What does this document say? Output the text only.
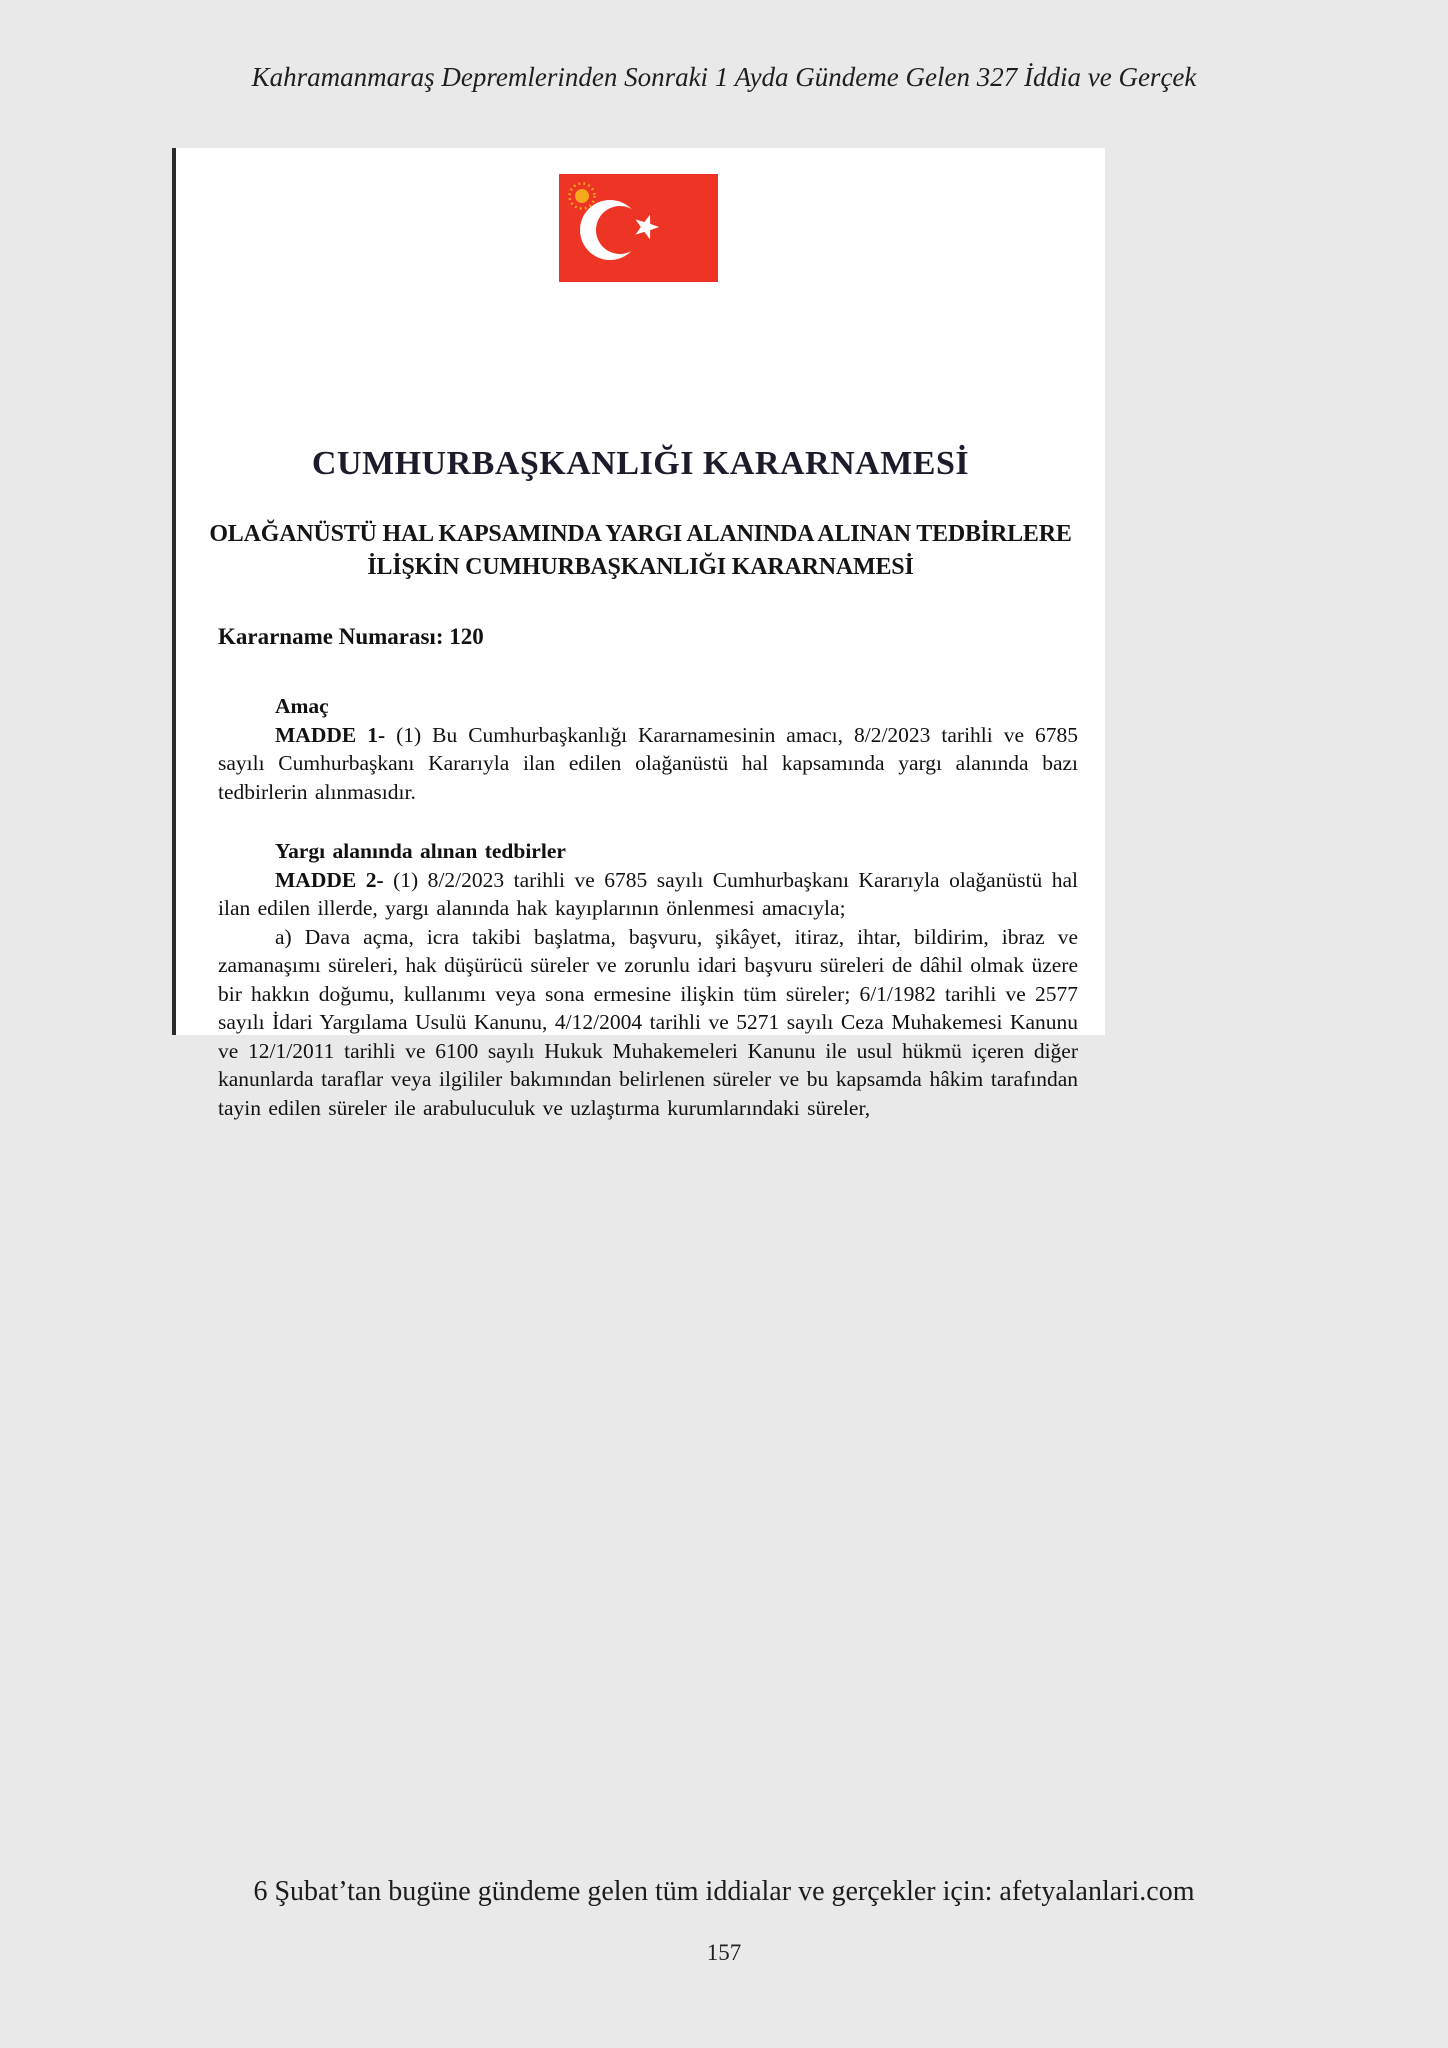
Kahramanmaraş Depremlerinden Sonraki 1 Ayda Gündeme Gelen 327 İddia ve Gerçek
CUMHURBAŞKANLIĞI KARARNAMESİ
OLAĞANÜSTÜ HAL KAPSAMINDA YARGI ALANINDA ALINAN TEDBİRLERE
İLİŞKİN CUMHURBAŞKANLIĞI KARARNAMESİ
Kararname Numarası: 120
Amaç

MADDE 1- (1) Bu Cumhurbaşkanlığı Kararnamesinin amacı, 8/2/2023 tarihli ve 6785 sayılı Cumhurbaşkanı Kararıyla ilan edilen olağanüstü hal kapsamında yargı alanında bazı tedbirlerin alınmasıdır.

Yargı alanında alınan tedbirler

MADDE 2- (1) 8/2/2023 tarihli ve 6785 sayılı Cumhurbaşkanı Kararıyla olağanüstü hal ilan edilen illerde, yargı alanında hak kayıplarının önlenmesi amacıyla;

a) Dava açma, icra takibi başlatma, başvuru, şikâyet, itiraz, ihtar, bildirim, ibraz ve zamanaşımı süreleri, hak düşürücü süreler ve zorunlu idari başvuru süreleri de dâhil olmak üzere bir hakkın doğumu, kullanımı veya sona ermesine ilişkin tüm süreler; 6/1/1982 tarihli ve 2577 sayılı İdari Yargılama Usulü Kanunu, 4/12/2004 tarihli ve 5271 sayılı Ceza Muhakemesi Kanunu ve 12/1/2011 tarihli ve 6100 sayılı Hukuk Muhakemeleri Kanunu ile usul hükmü içeren diğer kanunlarda taraflar veya ilgililer bakımından belirlenen süreler ve bu kapsamda hâkim tarafından tayin edilen süreler ile arabuluculuk ve uzlaştırma kurumlarındaki süreler,

6 Şubat’tan bugüne gündeme gelen tüm iddialar ve gerçekler için: afetyalanlari.com
157
